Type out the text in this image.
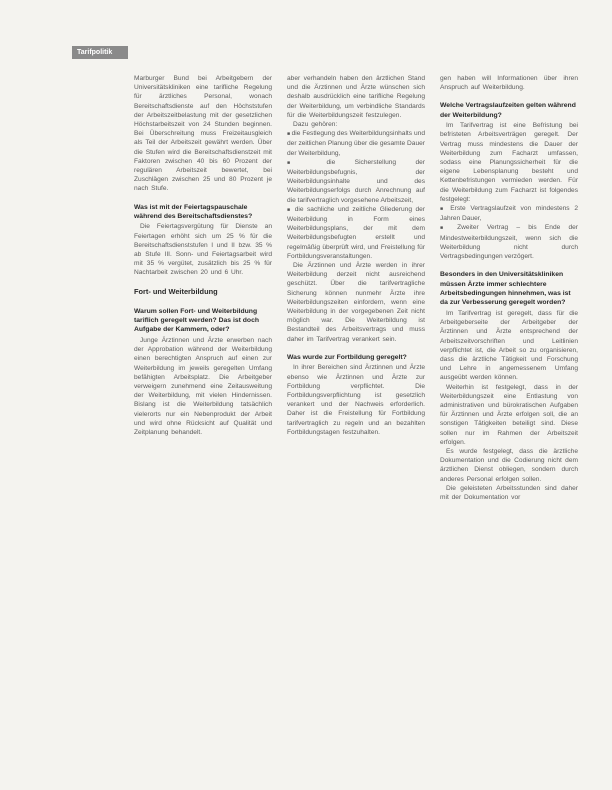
Tarifpolitik
Marburger Bund bei Arbeitgebern der Universitätskliniken eine tarifliche Regelung für ärztliches Personal, wonach Bereitschaftsdienste auf den Höchststufen der Arbeitszeitbelastung mit der gesetzlichen Höchstarbeitszeit von 24 Stunden beginnen. Bei Überschreitung muss Freizeitausgleich als Teil der Arbeitszeit gewährt werden. Über die Stufen wird die Bereitschaftsdienstzeit mit Faktoren zwischen 40 bis 60 Prozent der regulären Arbeitszeit bewertet, bei Zuschlägen zwischen 25 und 80 Prozent je nach Stufe.
Was ist mit der Feiertagspauschale während des Bereitschaftsdienstes?
Die Feiertagsvergütung für Dienste an Feiertagen erhöht sich um 25 % für die Bereitschaftsdienststufen I und II bzw. 35 % ab Stufe III. Sonn- und Feiertagsarbeit wird mit 35 % vergütet, zusätzlich bis 25 % für Nachtarbeit zwischen 20 und 6 Uhr.
Fort- und Weiterbildung
Warum sollen Fort- und Weiterbildung tariflich geregelt werden? Das ist doch Aufgabe der Kammern, oder?
Junge Ärztinnen und Ärzte erwerben nach der Approbation während der Weiterbildung einen berechtigten Anspruch auf einen zur Weiterbildung im jeweils geregelten Umfang befähigten Arbeitsplatz. Die Arbeitgeber verweigern zunehmend eine Zeitausweitung der Weiterbildung, mit vielen Hindernissen. Bislang ist die Weiterbildung tatsächlich vielerorts nur ein Nebenprodukt der Arbeit und wird ohne Rücksicht auf Qualität und Zeitplanung behandelt.
aber verhandeln haben den ärztlichen Stand und die Ärztinnen und Ärzte wünschen sich deshalb ausdrücklich eine tarifliche Regelung der Weiterbildung, um verbindliche Standards für die Weiterbildungszeit festzulegen.
Dazu gehören:
■ die Festlegung des Weiterbildungsinhalts und der zeitlichen Planung über die gesamte Dauer der Weiterbildung,
■ die Sicherstellung der Weiterbildungsbefugnis, der Weiterbildungsinhalte und des Weiterbildungserfolgs durch Anrechnung auf die tarifvertraglich vorgesehene Arbeitszeit,
■ die sachliche und zeitliche Gliederung der Weiterbildung in Form eines Weiterbildungsplans, der mit dem Weiterbildungsbefugten erstellt und regelmäßig überprüft wird, und Freistellung für Fortbildungsveranstaltungen.
Die Ärztinnen und Ärzte werden in ihrer Weiterbildung derzeit nicht ausreichend geschützt. Über die tarifvertragliche Sicherung können nunmehr Ärzte ihre Weiterbildungszeiten einfordern, wenn eine Weiterbildung in der vorgegebenen Zeit nicht möglich war. Die Weiterbildung ist Bestandteil des Arbeitsvertrags und muss daher im Tarifvertrag verankert sein.
Was wurde zur Fortbildung geregelt?
In ihrer Bereichen sind Ärztinnen und Ärzte ebenso wie Ärztinnen und Ärzte zur Fortbildung verpflichtet. Die Fortbildungsverpflichtung ist gesetzlich verankert und der Nachweis erforderlich. Daher ist die Freistellung für Fortbildung tarifvertraglich zu regeln und an bezahlten Fortbildungstagen festzuhalten.
gen haben will Informationen über ihren Anspruch auf Weiterbildung.
Welche Vertragslaufzeiten gelten während der Weiterbildung?
Im Tarifvertrag ist eine Befristung bei befristeten Arbeitsverträgen geregelt. Der Vertrag muss mindestens die Dauer der Weiterbildung zum Facharzt umfassen, sodass eine Planungssicherheit für die eigene Lebensplanung besteht und Kettenbefristungen vermieden werden. Für die Weiterbildung zum Facharzt ist folgendes festgelegt:
■ Erste Vertragslaufzeit von mindestens 2 Jahren Dauer,
■ Zweiter Vertrag – bis Ende der Mindestweiterbildungszeit, wenn sich die Weiterbildung nicht durch Vertragsbedingungen verzögert.
Besonders in den Universitätskliniken müssen Ärzte immer schlechtere Arbeitsbedingungen hinnehmen, was ist da zur Verbesserung geregelt worden?
Im Tarifvertrag ist geregelt, dass für die Arbeitgeberseite der Arbeitgeber der Ärztinnen und Ärzte entsprechend der Arbeitszeitvorschriften und Leitlinien verpflichtet ist, die Arbeit so zu organisieren, dass die ärztliche Tätigkeit und Forschung und Lehre in angemessenem Umfang ausgeübt werden können.
Weiterhin ist festgelegt, dass in der Weiterbildungszeit eine Entlastung von administrativen und bürokratischen Aufgaben für Ärztinnen und Ärzte erfolgen soll, die an sonstigen Tätigkeiten beteiligt sind. Diese sollen nur im Rahmen der Arbeitszeit erfolgen.
Es wurde festgelegt, dass die ärztliche Dokumentation und die Codierung nicht dem ärztlichen Dienst obliegen, sondern durch anderes Personal erfolgen sollen.
Die geleisteten Arbeitsstunden sind daher mit der Dokumentation vor
